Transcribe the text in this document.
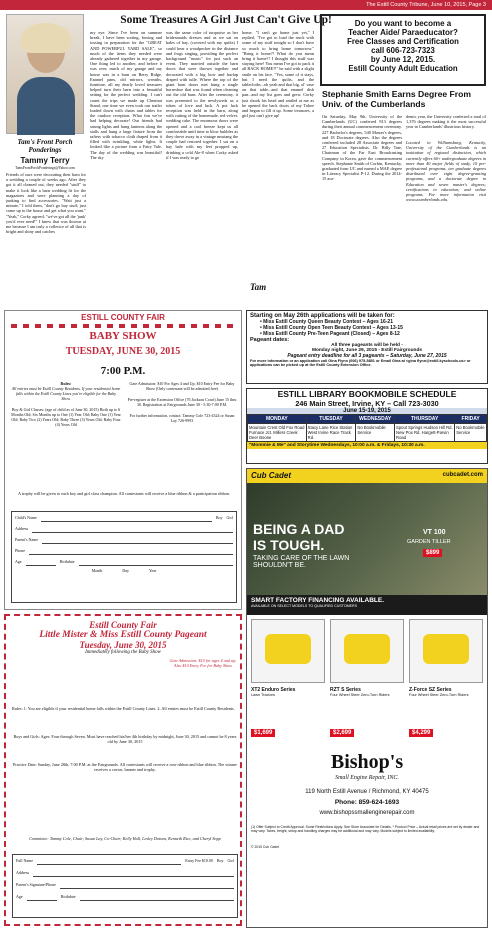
The Estill County Tribune, June 10, 2015, Page 3
Some Treasures A Girl Just Can't Give Up!
Tam's Front Porch Ponderings
Tammy Terry
TamsFrontPorchPonderings@Yahoo.com
Friends of ours were decorating their barn for a wedding a couple of weeks ago. After they got it all cleaned out, they needed "stuff" to make it look like a barn wedding fit for the magazines and were planning a day of junking to find accessories. "Wait just a minute," I told them, "don't go buy stuff; just come up to the house and get what you want." "Yeah," Corky agreed, "we've got all the 'junk' you'd ever need!" I knew that was thrown at me because I am truly a collector of all that is bright and shiny and catches
my eye. Since I've been on summer break, I have been sorting, boxing and tossing in preparation for the "GREAT AND POWERFUL YARD SALE", so much of the items they needed were already gathered together in my garage. One thing led to another, and before it was over, much of my garage and my house was in a barn on Berry Ridge. Enamel pans, old mirrors, wreaths, furniture, all my dearly loved treasures helped turn their barn into a beautiful setting for the perfect wedding. I can't count the trips we made up Chestnut Stand, one time we even took our trailer loaded down with chairs and tables for the outdoor reception. What fun we've had helping decorate! Our friends had strung lights and hung lanterns along the stalls and hung a large fixture from the rafters with tobacco cloth draped from it filled with twinkling, white lights. It looked like a picture from a Fairy Tale. The day of the wedding was beautiful! The sky
was the same color of turquoise as her bridesmaids dresses and as we sat on bales of hay, (covered with my quilts) I could hear a woodpecker in the distance and frogs singing, providing the perfect background "music" for just such an event. They married outside the barn doors that were thrown together and decorated with a big bow and burlap draped with tulle. Where the top of the giant barn doors met hung a single horseshoe that was found when cleaning out the old barn. After the ceremony, it was presented to the newlyweds as a token of love and luck. A pot luck reception was held in the barn, along with cutting of the homemade, red velvet, wedding cake. The enormous doors were opened and a cool breeze kept us all comfortable until time to blow bubbles as they drove away in a vintage mustang the couple had restored together. I sat on a hay bale with my feet propped up, drinking a cold Ale-8 when Corky asked if I was ready to go
home. "I can't go home just yet," I replied, "I've got to load the truck with some of my stuff tonight so I don't have so much to bring home tomorrow." "Bring it home?! What do you mean bring it home?! I thought this stuff was staying here! You mean I've got to pack it all BACK HOME?!" he said with a slight smile on his face. "Yes, some of it stays, but I need the quilts, and the tablecloths...oh yeah and that big, ol' vase on that table...and that enamel dish pan...and my list goes and grew. Corky just shook his head and smiled at me as he opened the back doors of my Tahoe and began to fill it up. Some treasures, a girl just can't give up!
Tam
Do you want to become a
Teacher Aide/ Paraeducator?
Free Classes and Certification
call 606-723-7323
by June 12, 2015.
Estill County Adult Education
Stephanie Smith Earns Degree From Univ. of the Cumberlands
On Saturday, May 9th, University of the Cumberlands (UC) conferred 813 degrees during their annual commencement ceremony. 227 Bachelor's degrees, 540 Master's degrees, and 18 Doctorate degrees. Also the degrees conferred included 28 Associate degrees and 27 Education Specialists. Dr. Billy Tate, Chairman of the Far East Broadcasting Company in Korea, gave the commencement speech. Stephanie Smith of Corbin, Kentucky, graduated from UC and earned a MAE degree in Literacy Specialist P-12. During the 2014-15 aca-
demic year, the University conferred a total of 1,376 degrees making it the most successful year in Cumberlands' illustrious history.
Located in Williamsburg, Kentucky, University of the Cumberlands is an institution of regional distinction, which currently offers 60+ undergraduate degrees in more than 40 major fields of study, 10 pre-professional programs, ten graduate degrees distributed over eight degree-granting programs, and a doctorate degree in Education and seven master's degrees; certifications in education; and online programs. For more information visit www.ucumberlands.edu.
Starting on May 26th applications will be taken for:
• Miss Estill County Queen Beauty Contest – Ages 16-21
• Miss Estill County Open Teen Beauty Contest – Ages 13-15
• Miss Estill County Pre-Teen Pageant (Closed) – Ages 8-12
Pageant dates:
All three pageants will be held -
Monday night, June 29, 2015 - Estill Fairgrounds
Pageant entry deadline for all 3 pageants – Saturday, June 27, 2015
For more information or an application call Gina Flynn (606) 975-5851 or Email Gina at <gina flynn@estill.kyschools.us> or applications can be picked up at the Estill County Extension Office.
ESTILL LIBRARY BOOKMOBILE SCHEDULE
246 Main Street, Irvine, KY – Call 723-3030
June 15-19, 2015
MONDAY	TUESDAY	WEDNESDAY	THURSDAY	FRIDAY
Mountain Crest Old Fox Road Furnace Jct. Millers Creek Deer Boone	Stacy Lane Rice Station West Irvine Race Track Rd.	No Bookmobile Service	Spout Springs Hudson Hill Rd. New Pox Rd. Hargett-Parvin Road	No Bookmobile Service
"Mommie & Me" and Storytime Wednesdays, 10:00 a.m. & Fridays, 10:30 a.m.
ESTILL COUNTY FAIR
BABY SHOW
TUESDAY, JUNE 30, 2015
7:00 P.M.
Rules:
All entries must be Estill County Residents. If your residential home falls within the Estill County Lines you're eligible for the Baby Show.
Boy & Girl Classes: (age of child as of June 30, 2015) Birth up to 6 Months Old; Six Months up to One (1) Year Old; Baby One (1) Year Old; Baby Two (2) Years Old; Baby Three (3) Years Old; Baby Four (4) Years Old
Gate Admission: $10 For Ages 4 and Up; $10 Entry Fee for Baby Show (Only contestant will be admitted free)
Pre-register at the Extension Office (76 Jackson Court) June 15 thru 30. Registration at Fairgrounds June 30 - 5:30-7:00 P.M.
For further information, contact: Tammy Cole 723-4324 or Susan Lay 726-9993
A trophy will be given to each boy and girl class champion. All contestants will receive a blue ribbon & a participation ribbon.
Child's Name	Boy Girl
Address
Parent's Name
Phone
Age	Birthdate
Month	Day	Year
Estill County Fair
Little Mister & Miss Estill County Pageant
Tuesday, June 30, 2015
Immediately following the Baby Show
Gate Admission: $10 for ages 4 and up; Also $10 Entry Fee for Baby Show
Rules: 1. You are eligible if your residential home falls within the Estill County Lines. 2. All entries must be Estill County Residents.
Boys and Girls: Ages: Four through Seven. Must have reached his/her 4th birthday by midnight, June 30, 2015 and cannot be 8 years old by June 30, 2015
Practice Date: Sunday, June 28th, 7:00 P.M. at the Fairgrounds. All contestants will receive a rose ribbon and blue ribbon. The winner receives a crown, banner and trophy.
Committee: Tammy Cole, Chair; Susan Lay, Co-Chair; Kelly Hall, Lesley Dotson, Kenneth Rice, and Cheryl Sopp
Full Name	Entry Fee $10.00 Boy Girl
Address
Parent's Signature/Phone
Age	Birthdate
Cub Cadet	cubcadet.com
BEING A DAD
IS TOUGH.
TAKING CARE OF THE LAWN SHOULDN'T BE.
VT 100
GARDEN TILLER
$899
SMART FACTORY FINANCING AVAILABLE.
AVAILABLE ON SELECT MODELS TO QUALIFIED CUSTOMERS
XT2 Enduro Series
Lawn Tractors
$1,699
RZT S Series
Four Wheel Steer Zero-Turn Riders
$2,699
Z-Force SZ Series
Four Wheel Steer Zero-Turn Riders
$4,299
Bishop's
Small Engine Repair, INC.
119 North Estill Avenue / Richmond, KY 40475
Phone: 859-624-1693
www.bishopssmallenginerepair.com
(1) Offer Subject to Credit Approval. Some Restrictions Apply. See Store Associate for Details. * Product Price – Actual retail prices are set by dealer and may vary. Taxes, freight, setup and handling charges may be additional and may vary. Models subject to limited availability.
© 2015 Cub Cadet
